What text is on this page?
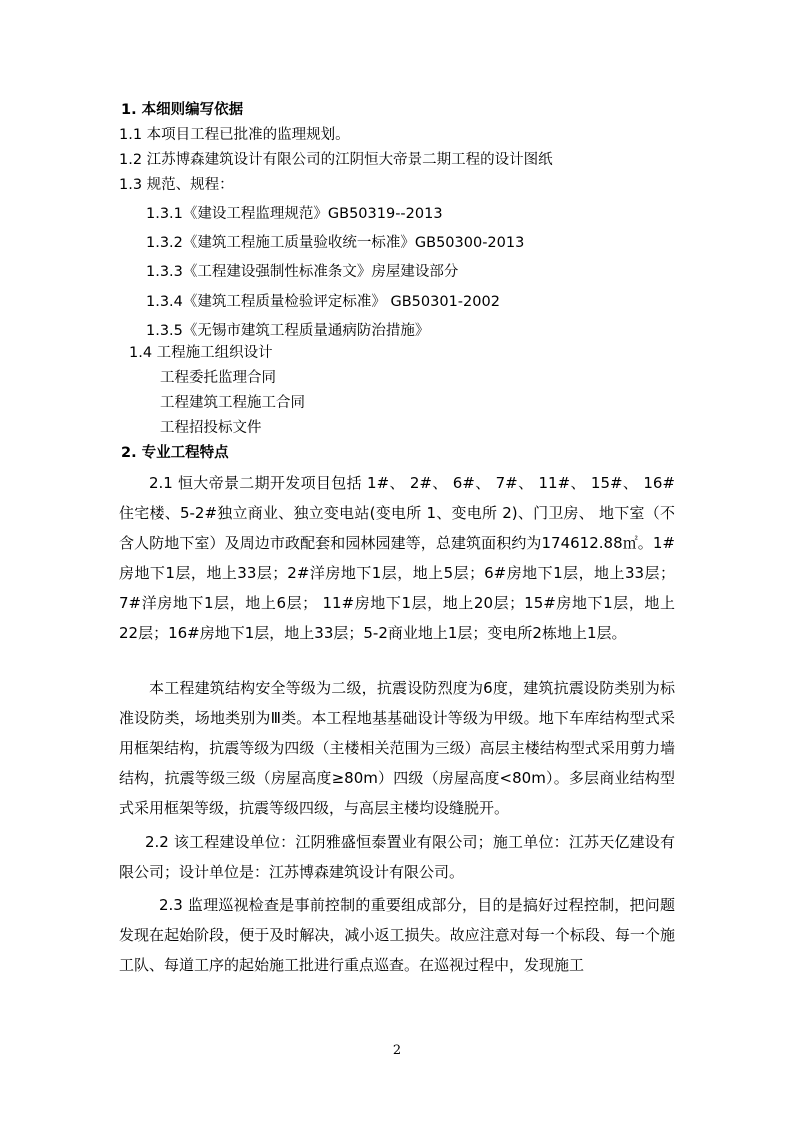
1. 本细则编写依据
1.1 本项目工程已批准的监理规划。
1.2 江苏博森建筑设计有限公司的江阴恒大帝景二期工程的设计图纸
1.3 规范、规程：
1.3.1《建设工程监理规范》GB50319--2013
1.3.2《建筑工程施工质量验收统一标准》GB50300-2013
1.3.3《工程建设强制性标准条文》房屋建设部分
1.3.4《建筑工程质量检验评定标准》 GB50301-2002
1.3.5《无锡市建筑工程质量通病防治措施》
1.4 工程施工组织设计
工程委托监理合同
工程建筑工程施工合同
工程招投标文件
2. 专业工程特点
2.1 恒大帝景二期开发项目包括 1#、 2#、 6#、 7#、 11#、 15#、 16#住宅楼、5-2#独立商业、独立变电站(变电所 1、变电所 2)、门卫房、 地下室（不含人防地下室）及周边市政配套和园林园建等，总建筑面积约为174612.88㎡。1#房地下1层，地上33层；2#洋房地下1层，地上5层；6#房地下1层，地上33层；7#洋房地下1层，地上6层； 11#房地下1层，地上20层；15#房地下1层，地上22层；16#房地下1层，地上33层；5-2商业地上1层；变电所2栋地上1层。
本工程建筑结构安全等级为二级，抗震设防烈度为6度，建筑抗震设防类别为标准设防类，场地类别为Ⅲ类。本工程地基基础设计等级为甲级。地下车库结构型式采用框架结构，抗震等级为四级（主楼相关范围为三级）高层主楼结构型式采用剪力墙结构，抗震等级三级（房屋高度≥80m）四级（房屋高度<80m）。多层商业结构型式采用框架等级，抗震等级四级，与高层主楼均设缝脱开。
2.2 该工程建设单位：江阴雅盛恒泰置业有限公司；施工单位：江苏天亿建设有限公司；设计单位是：江苏博森建筑设计有限公司。
2.3 监理巡视检查是事前控制的重要组成部分，目的是搞好过程控制，把问题发现在起始阶段，便于及时解决，减小返工损失。故应注意对每一个标段、每一个施工队、每道工序的起始施工批进行重点巡查。在巡视过程中，发现施工
2
